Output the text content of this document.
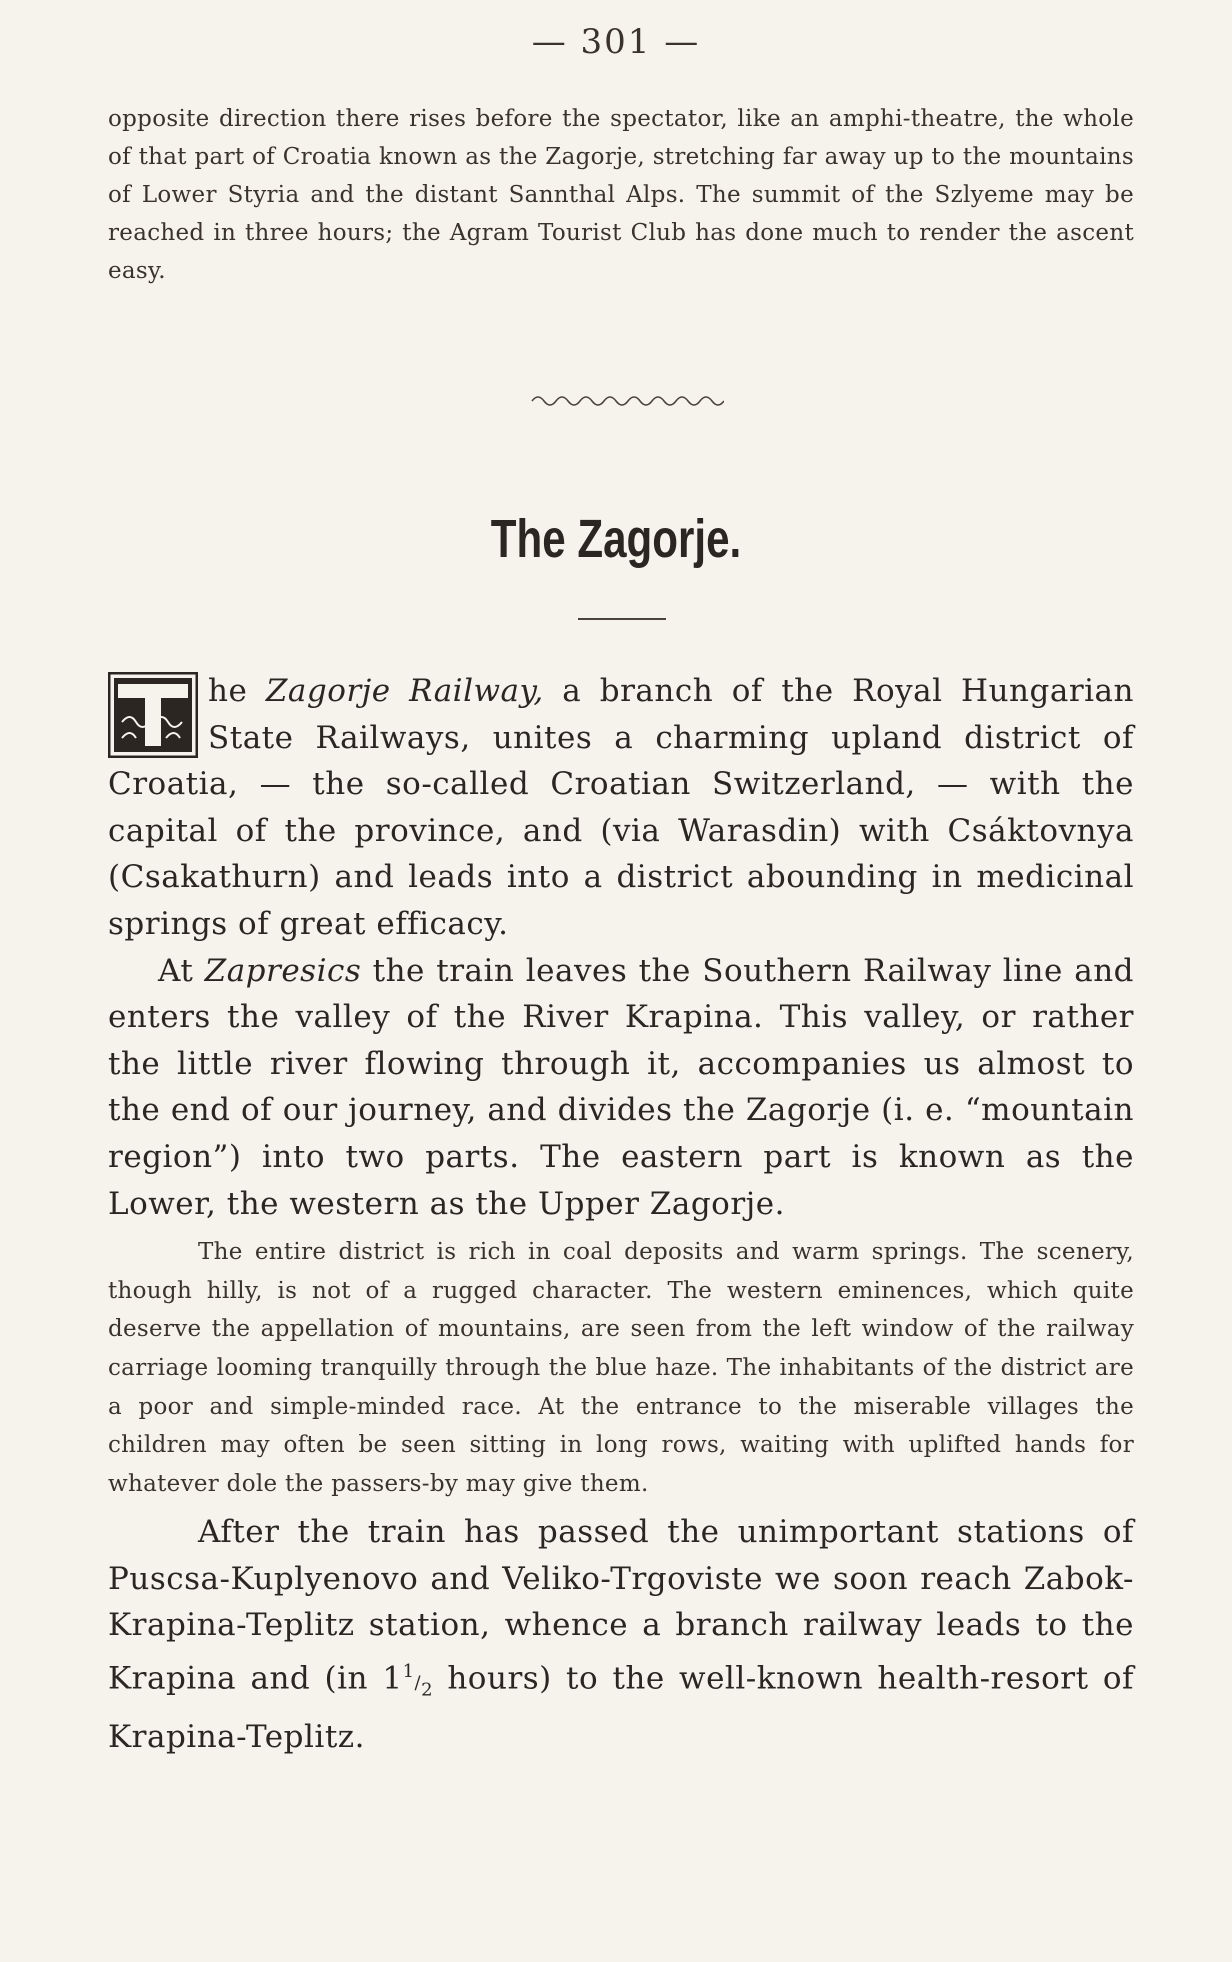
— 301 —

opposite direction there rises before the spectator, like an amphi-theatre, the whole of that part of Croatia known as the Zagorje, stretching far away up to the mountains of Lower Styria and the distant Sannthal Alps. The summit of the Szlyeme may be reached in three hours; the Agram Tourist Club has done much to render the ascent easy.

The Zagorje.
T

he Zagorje Railway, a branch of the Royal Hungarian State Railways, unites a charming upland district of Croatia, — the so-called Croatian Switzerland, — with the capital of the province, and (via Warasdin) with Csáktovnya (Csakathurn) and leads into a district abounding in medicinal springs of great efficacy.

At Zapresics the train leaves the Southern Railway line and enters the valley of the River Krapina. This valley, or rather the little river flowing through it, accompanies us almost to the end of our journey, and divides the Zagorje (i. e. “mountain region”) into two parts. The eastern part is known as the Lower, the western as the Upper Zagorje.

The entire district is rich in coal deposits and warm springs. The scenery, though hilly, is not of a rugged character. The western eminences, which quite deserve the appellation of mountains, are seen from the left window of the railway carriage looming tranquilly through the blue haze. The inhabitants of the district are a poor and simple-minded race. At the entrance to the miserable villages the children may often be seen sitting in long rows, waiting with uplifted hands for whatever dole the passers-by may give them.

After the train has passed the unimportant stations of Puscsa-Kuplyenovo and Veliko-Trgoviste we soon reach Zabok-Krapina-Teplitz station, whence a branch railway leads to the Krapina and (in $1^1/_2$ hours) to the well-known health-resort of Krapina-Teplitz.
